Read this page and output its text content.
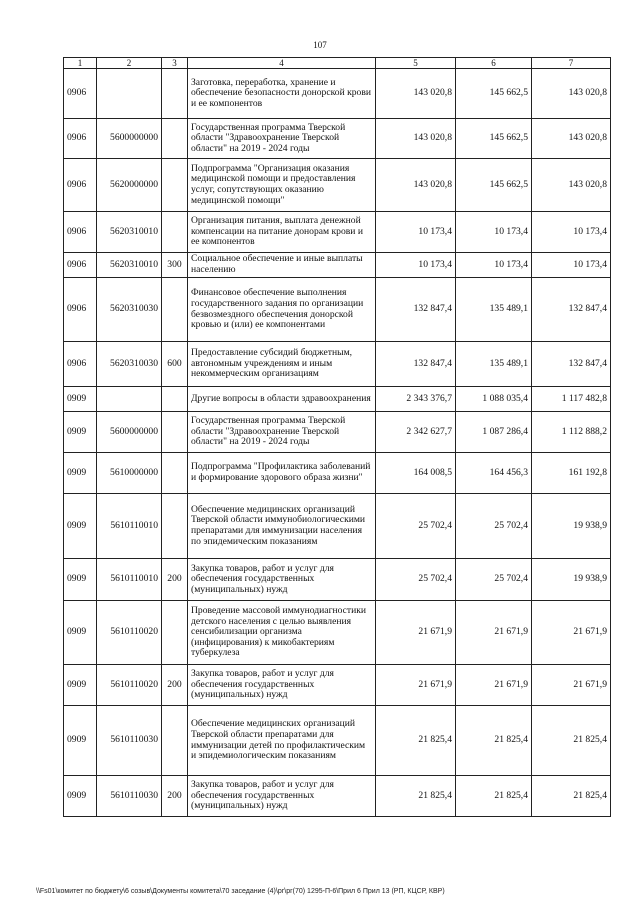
107
1	2	3	4	5	6	7
0906			Заготовка, переработка, хранение и обеспечение безопасности донорской крови и ее компонентов	143 020,8	145 662,5	143 020,8
0906	5600000000		Государственная программа Тверской области "Здравоохранение Тверской области" на 2019 - 2024 годы	143 020,8	145 662,5	143 020,8
0906	5620000000		Подпрограмма "Организация оказания медицинской помощи и предоставления услуг, сопутствующих оказанию медицинской помощи"	143 020,8	145 662,5	143 020,8
0906	5620310010		Организация питания, выплата денежной компенсации на питание донорам крови и ее компонентов	10 173,4	10 173,4	10 173,4
0906	5620310010	300	Социальное обеспечение и иные выплаты населению	10 173,4	10 173,4	10 173,4
0906	5620310030		Финансовое обеспечение выполнения государственного задания по организации безвозмездного обеспечения донорской кровью и (или) ее компонентами	132 847,4	135 489,1	132 847,4
0906	5620310030	600	Предоставление субсидий бюджетным, автономным учреждениям и иным некоммерческим организациям	132 847,4	135 489,1	132 847,4
0909			Другие вопросы в области здравоохранения	2 343 376,7	1 088 035,4	1 117 482,8
0909	5600000000		Государственная программа Тверской области "Здравоохранение Тверской области" на 2019 - 2024 годы	2 342 627,7	1 087 286,4	1 112 888,2
0909	5610000000		Подпрограмма "Профилактика заболеваний и формирование здорового образа жизни"	164 008,5	164 456,3	161 192,8
0909	5610110010		Обеспечение медицинских организаций Тверской области иммунобиологическими препаратами для иммунизации населения по эпидемическим показаниям	25 702,4	25 702,4	19 938,9
0909	5610110010	200	Закупка товаров, работ и услуг для обеспечения государственных (муниципальных) нужд	25 702,4	25 702,4	19 938,9
0909	5610110020		Проведение массовой иммунодиагностики детского населения с целью выявления сенсибилизации организма (инфицирования) к микобактериям туберкулеза	21 671,9	21 671,9	21 671,9
0909	5610110020	200	Закупка товаров, работ и услуг для обеспечения государственных (муниципальных) нужд	21 671,9	21 671,9	21 671,9
0909	5610110030		Обеспечение медицинских организаций Тверской области препаратами для иммунизации детей по профилактическим и эпидемиологическим показаниям	21 825,4	21 825,4	21 825,4
0909	5610110030	200	Закупка товаров, работ и услуг для обеспечения государственных (муниципальных) нужд	21 825,4	21 825,4	21 825,4
\\Fs01\комитет по бюджету\6 созыв\Документы комитета\70 заседание (4)\рг\рг(70) 1295-П-6\Прил 6 Прил 13 (РП, КЦСР, КВР)
